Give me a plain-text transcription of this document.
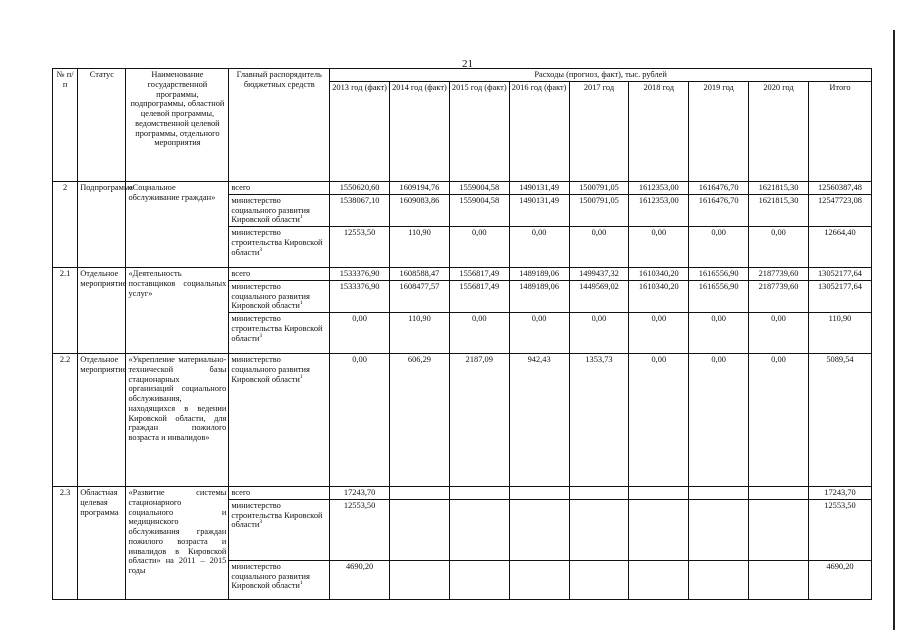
21
№ п/п	Статус	Наименование государственной программы, подпрограммы, областной целевой программы, ведомственной целевой программы, отдельного мероприятия	Главный распорядитель бюджетных средств	Расходы (прогноз, факт), тыс. рублей								
				2013 год (факт)	2014 год (факт)	2015 год (факт)	2016 год (факт)	2017 год	2018 год	2019 год	2020 год	Итого
2	Подпрограмма	«Социальное обслуживание граждан»	всего	1550620,60	1609194,76	1559004,58	1490131,49	1500791,05	1612353,00	1616476,70	1621815,30	12560387,48
			министерство социального развития Кировской области$^1$	1538067,10	1609083,86	1559004,58	1490131,49	1500791,05	1612353,00	1616476,70	1621815,30	12547723,08
			министерство строительства Кировской области$^3$	12553,50	110,90	0,00	0,00	0,00	0,00	0,00	0,00	12664,40
2.1	Отдельное мероприятие	«Деятельность поставщиков социальных услуг»	всего	1533376,90	1608588,47	1556817,49	1489189,06	1499437,32	1610340,20	1616556,90	2187739,60	13052177,64
			министерство социального развития Кировской области$^1$	1533376,90	1608477,57	1556817,49	1489189,06	1449569,02	1610340,20	1616556,90	2187739,60	13052177,64
			министерство строительства Кировской области$^3$	0,00	110,90	0,00	0,00	0,00	0,00	0,00	0,00	110,90
2.2	Отдельное мероприятие	«Укрепление материально-технической базы стационарных организаций социального обслуживания, находящихся в ведении Кировской области, для граждан пожилого возраста и инвалидов»	министерство социального развития Кировской области$^1$	0,00	606,29	2187,09	942,43	1353,73	0,00	0,00	0,00	5089,54
2.3	Областная целевая программа	«Развитие системы стационарного социального и медицинского обслуживания граждан пожилого возраста и инвалидов в Кировской области» на 2011 – 2015 годы	всего	17243,70								17243,70
			министерство строительства Кировской области$^3$	12553,50								12553,50
			министерство социального развития Кировской области$^1$	4690,20								4690,20
